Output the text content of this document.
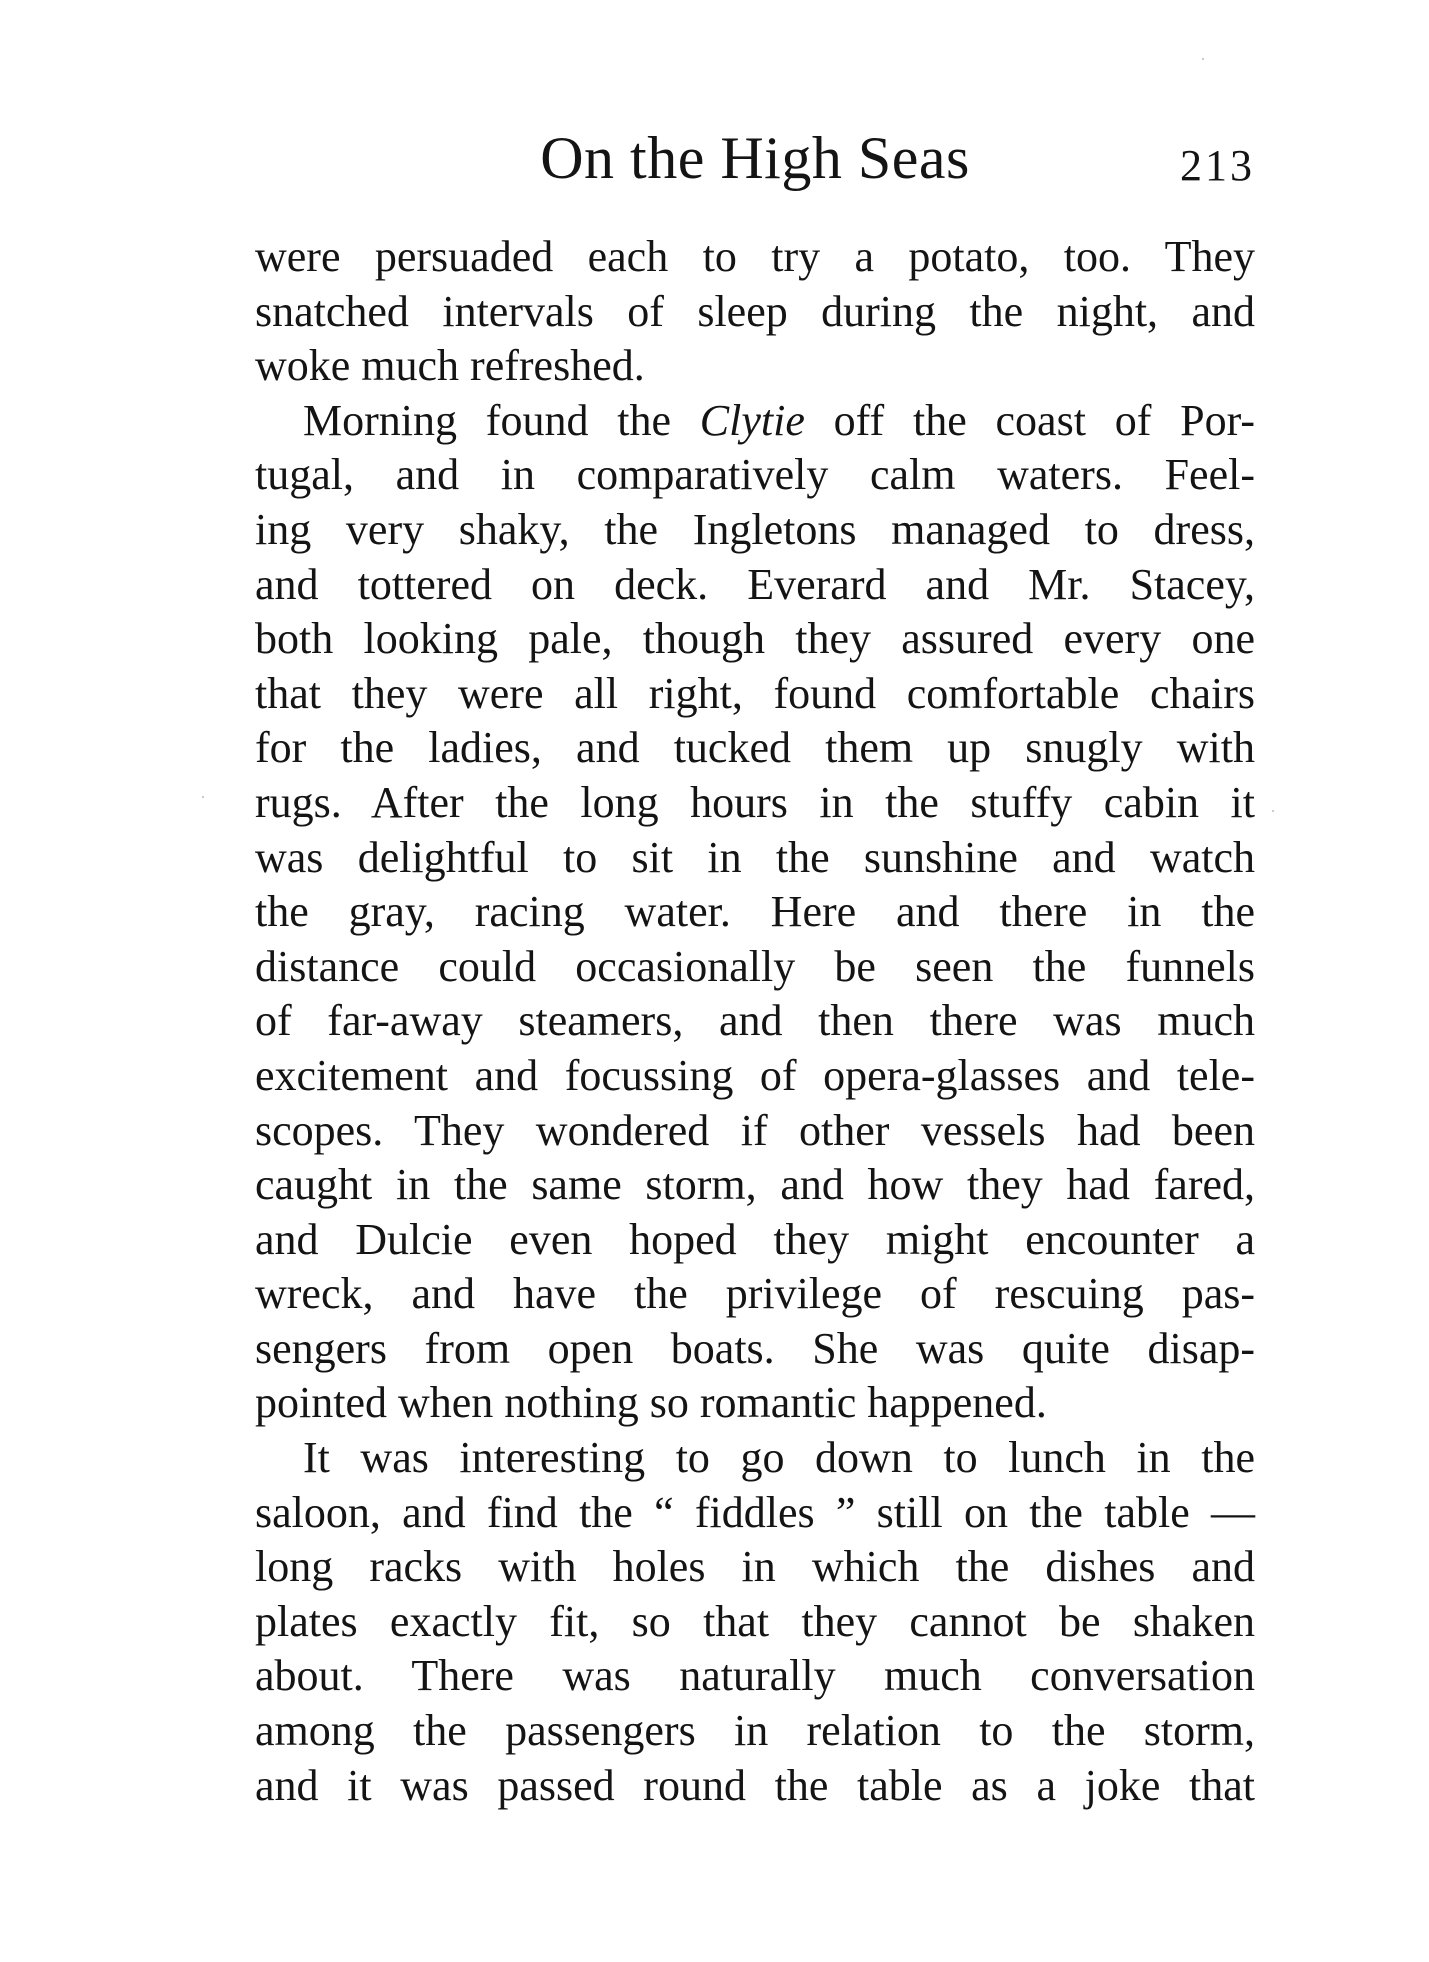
On the High Seas	213
were persuaded each to try a potato, too. They
snatched intervals of sleep during the night, and
woke much refreshed.
Morning found the Clytie off the coast of Por-
tugal, and in comparatively calm waters. Feel-
ing very shaky, the Ingletons managed to dress,
and tottered on deck. Everard and Mr. Stacey,
both looking pale, though they assured every one
that they were all right, found comfortable chairs
for the ladies, and tucked them up snugly with
rugs. After the long hours in the stuffy cabin it
was delightful to sit in the sunshine and watch
the gray, racing water. Here and there in the
distance could occasionally be seen the funnels
of far-away steamers, and then there was much
excitement and focussing of opera-glasses and tele-
scopes. They wondered if other vessels had been
caught in the same storm, and how they had fared,
and Dulcie even hoped they might encounter a
wreck, and have the privilege of rescuing pas-
sengers from open boats. She was quite disap-
pointed when nothing so romantic happened.
It was interesting to go down to lunch in the
saloon, and find the “ fiddles ” still on the table —
long racks with holes in which the dishes and
plates exactly fit, so that they cannot be shaken
about. There was naturally much conversation
among the passengers in relation to the storm,
and it was passed round the table as a joke that
